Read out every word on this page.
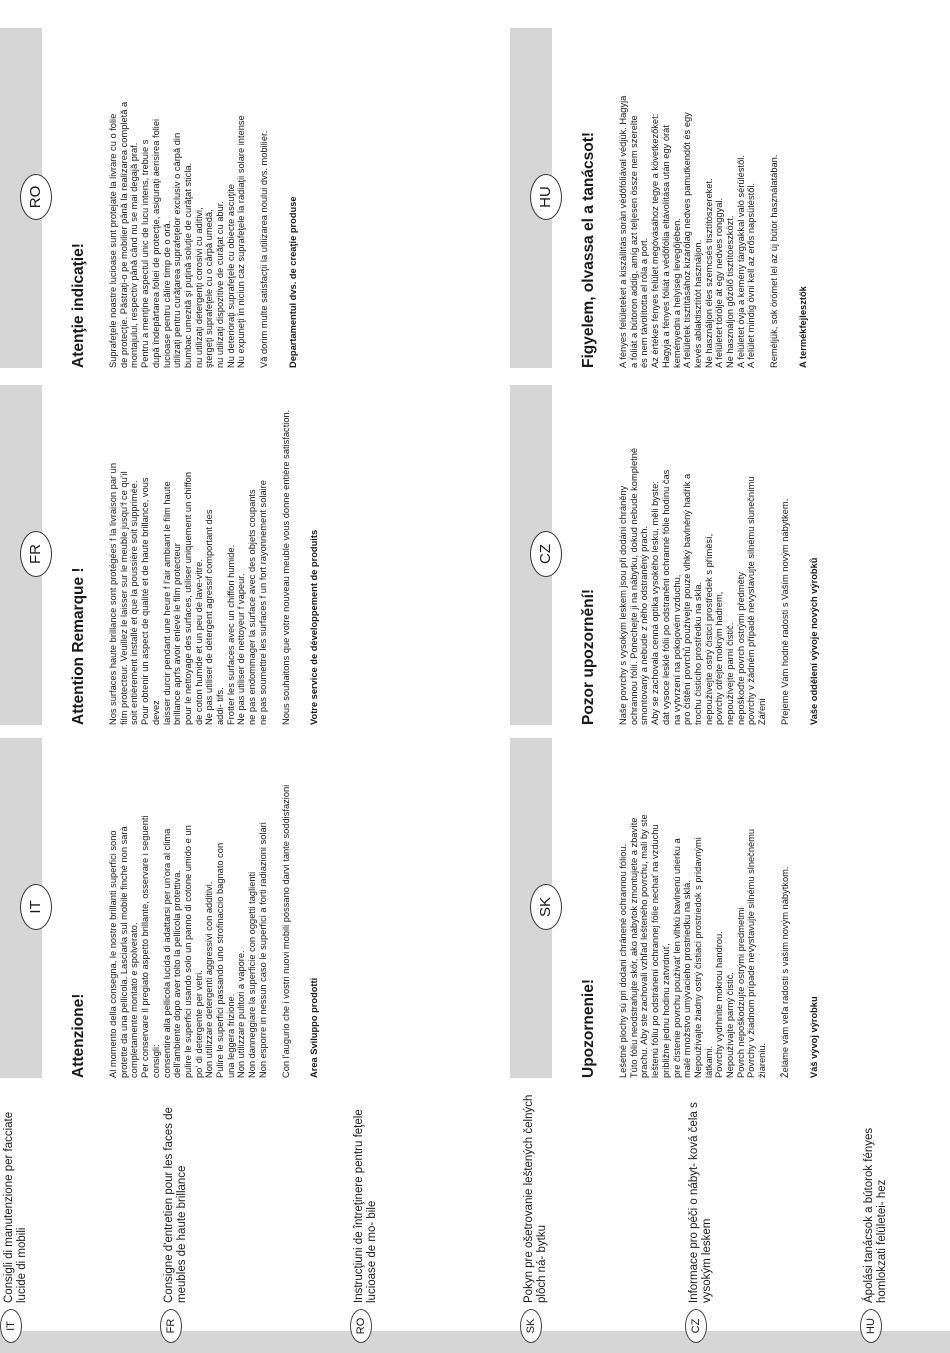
IT
Consigli di manutenzione per facciate lucide di mobili
FR
Consigne d'entretien pour les faces de meubles de haute brillance
RO
Instrucţiuni de întreţinere pentru feţele lucioase de mo- bile
SK
Pokyn pre ošetrovanie leštených čelných plôch ná- bytku
CZ
Informace pro péči o nábyt- ková čela s vysokým leskem
HU
Ápolási tanácsok a bútorok fényes homlokzati felületei- hez
IT
Attenzione! Al momento della consegna, le nostre brillanti superfici sono protette da una pellicola. Lasciarla sul mobile finché non sarà completamente montato e spolverato. Per conservare il pregiato aspetto brillante, osservare i seguenti consigli: consentire alla pellicola lucida di adattarsi per un'ora al clima dell'ambiente dopo aver tolto la pellicola protettiva. pulire le superfici usando solo un panno di cotone umido e un po' di detergente per vetri. Non utilizzare detergenti aggressivi con additivi. Pulire le superfici passando uno strofinaccio bagnato con una leggera frizione. Non utilizzare pulitori a vapore. Non danneggiare la superficie con oggetti taglienti Non esporre in nessun caso le superfici a forti radiazioni solari Con l'augurio che i vostri nuovi mobili possano darvi tante soddisfazioni Area Sviluppo prodotti

FR
Attention Remarque ! Nos surfaces haute brillance sont protégées f la livraison par un film protecteur. Veuillez le laisser sur le meuble jusqu'f ce qu'il soit entièrement installé et que la poussière soit supprimée. Pour obtenir un aspect de qualité et de haute brillance, vous devez laisser durcir pendant une heure f l'air ambiant le film haute brillance aprfs avoir enlevé le film protecteur pour le nettoyage des surfaces, utiliser uniquement un chiffon de coton humide et un peu de lave-vitre. Ne pas utiliser de détergent agressif comportant des addi- tifs. Frotter les surfaces avec un chiffon humide. Ne pas utiliser de nettoyeur f vapeur. ne pas endommager la surface avec des objets coupants ne pas soumettre les surfaces f un fort rayonnement solaire Nous souhaitons que votre nouveau meuble vous donne entière satisfaction. Votre service de développement de produits

RO
Atenţie indicaţie! Suprafeţele noastre lucioase sunt protejate la livrare cu o folie de protecţie. Păstraţi-o pe mobilier până la realizarea completă a montajului, respectiv până când nu se mai degajă praf. Pentru a menţine aspectul unic de lucu intens, trebuie s după îndepărtarea foliei de protecţie, asiguraţi aerisirea foliei lucioase pentru călire timp de o oră. utilizaţi pentru curăţarea suprafeţelor exclusiv o cârpă din bumbac umezită şi puţină soluţie de curăţat sticla. nu utilizaţi detergenţi corosivi cu aditivi, ştergeţi suprafeţele cu o cârpă umedă, nu utilizaţi dispozitive de curăţat cu abur. Nu deterioraţi suprafeţele cu obiecte ascuţite Nu expuneţi în niciun caz suprafeţele la radiaţii solare intense Vă dorim multe satisfacţii la utilizarea noului dvs. mobilier. Departamentul dvs. de creaţie produse

SK
Upozornenie! Lešetné plochy sú pri dodaní chránené ochrannou fóliou. Túto fóliu neodstraňujte skôr, ako nábytok zmontujete a zbavíte prachu. Aby ste zachovali vzhľad lešteného povrchu, mali by ste leštenú fóliu po odstránení ochrannej fólie nechať na vzduchu približne jednu hodinu zatvrdnúť, pre čistenie povrchu používať len vlhkú bavlnenú utierku a malé množstvo umývacieho prostriedku na sklá. Nepoužívajte žiadny ostrý čistiaci prostriedok s prídavnými látkami. Povrchy vydrhnite mokrou handrou. Nepoužívajte parný čistič. Povrch nepoškodzujte ostrými predmetmi Povrchy v žiadnom prípade nevystavujte silnému slnečnému žiareniu. Želáme vám veľa radosti s vašim novým nábytkom. Váš vývoj výrobku

CZ
Pozor upozornění! Naše povrchy s vysokým leskem jsou při dodání chráněny ochrannou fólií. Ponechejte ji na nábytku, dokud nebude kompletně smontovaný a nebude z něho odstraněný prach. Aby se zachovala cenná optika vysokého lesku, měli byste: dát vysoce lesklé fólii po odstranění ochranné fólie hodinu čas na vytvrzení na pokojovém vzduchu, pro čištění povrchů používejte pouze vlhký bavlněný hadřík a trochu čisticího prostředku na skla. nepoužívejte ostrý čisticí prostředek s příměsí, povrchy otřejte mokrým hadrem, nepoužívejte parní čistič. nepoškoďte povrch ostrými předměty povrchy v žádném případě nevystavujte silnému slunečnímu Záření Přejeme Vám hodně radosti s Vaším novým nábytkem. Vaše oddělení vývoje nových výrobků

HU	Figyelem, olvassa el a tanácsot! A fényes felületeket a kiszállítás során védőfóliával védjük. Hagyja a fóliát a bútoron addig, amíg azt teljesen össze nem szerelte és nem távolította el róla a port. Az értékes fényes felület megóvásához tegye a következőket: Hagyja a fényes fóliát a védőfólia eltávolítása után egy órát keményedni a helyiség levegőjében. A felületek tisztításához kizárólag nedves pamutkendőt és egy kevés ablaktisztítót használjon. Ne használjon éles szemcsés tisztítószereket. A felületet törölje át egy nedves ronggyal. Ne használjon gőzölő tisztítóeszközt. A felületet óvja a kemény tárgyakkal való sérüléstől. A felület mindig övni kell az erős napsütéstől. Reméljük, sok örömet lel az új bútor használatában. A termékfejlesztők
